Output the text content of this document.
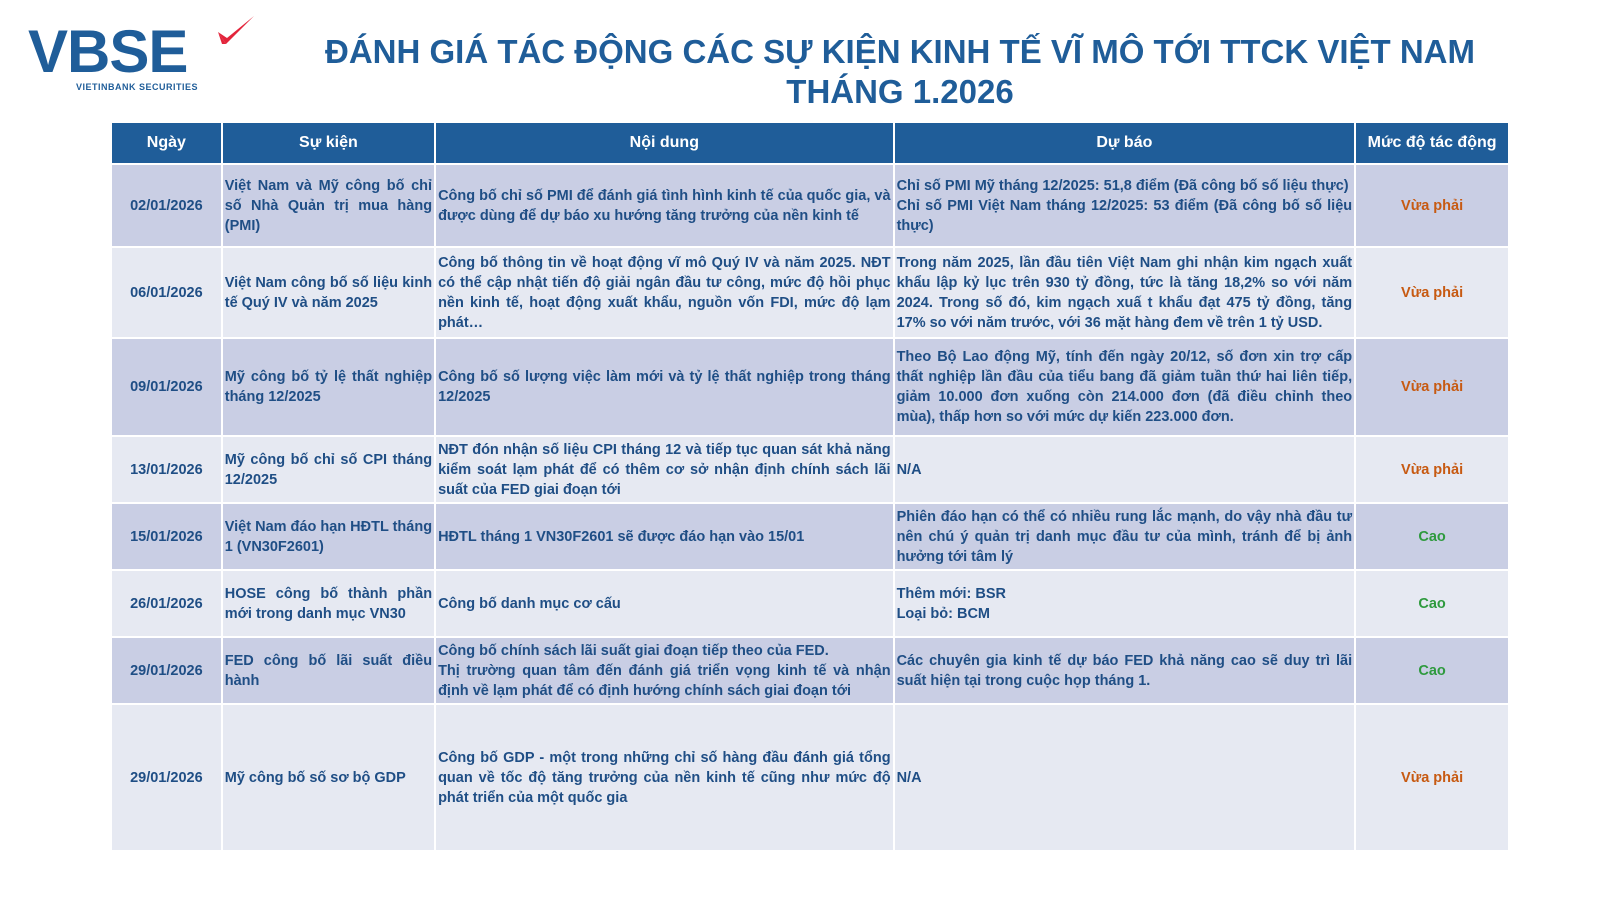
VBSE
VIETINBANK SECURITIES
ĐÁNH GIÁ TÁC ĐỘNG CÁC SỰ KIỆN KINH TẾ VĨ MÔ TỚI TTCK VIỆT NAM
THÁNG 1.2026
Ngày	Sự kiện	Nội dung	Dự báo	Mức độ tác động
02/01/2026	Việt Nam và Mỹ công bố chỉ số Nhà Quản trị mua hàng (PMI)	Công bố chỉ số PMI để đánh giá tình hình kinh tế của quốc gia, và được dùng để dự báo xu hướng tăng trưởng của nền kinh tế	Chỉ số PMI Mỹ tháng 12/2025: 51,8 điểm (Đã công bố số liệu thực)
Chỉ số PMI Việt Nam tháng 12/2025: 53 điểm (Đã công bố số liệu thực)	Vừa phải
06/01/2026	Việt Nam công bố số liệu kinh tế Quý IV và năm 2025	Công bố thông tin về hoạt động vĩ mô Quý IV và năm 2025. NĐT có thể cập nhật tiến độ giải ngân đầu tư công, mức độ hồi phục nền kinh tế, hoạt động xuất khẩu, nguồn vốn FDI, mức độ lạm phát…	Trong năm 2025, lần đầu tiên Việt Nam ghi nhận kim ngạch xuất khẩu lập kỷ lục trên 930 tỷ đồng, tức là tăng 18,2% so với năm 2024. Trong số đó, kim ngạch xuấ t khẩu đạt 475 tỷ đồng, tăng 17% so với năm trước, với 36 mặt hàng đem về trên 1 tỷ USD.	Vừa phải
09/01/2026	Mỹ công bố tỷ lệ thất nghiệp tháng 12/2025	Công bố số lượng việc làm mới và tỷ lệ thất nghiệp trong tháng 12/2025	Theo Bộ Lao động Mỹ, tính đến ngày 20/12, số đơn xin trợ cấp thất nghiệp lần đầu của tiểu bang đã giảm tuần thứ hai liên tiếp, giảm 10.000 đơn xuống còn 214.000 đơn (đã điều chỉnh theo mùa), thấp hơn so với mức dự kiến 223.000 đơn.	Vừa phải
13/01/2026	Mỹ công bố chỉ số CPI tháng 12/2025	NĐT đón nhận số liệu CPI tháng 12 và tiếp tục quan sát khả năng kiểm soát lạm phát để có thêm cơ sở nhận định chính sách lãi suất của FED giai đoạn tới	N/A	Vừa phải
15/01/2026	Việt Nam đáo hạn HĐTL tháng 1 (VN30F2601)	HĐTL tháng 1 VN30F2601 sẽ được đáo hạn vào 15/01	Phiên đáo hạn có thể có nhiều rung lắc mạnh, do vậy nhà đầu tư nên chú ý quản trị danh mục đầu tư của mình, tránh để bị ảnh hưởng tới tâm lý	Cao
26/01/2026	HOSE công bố thành phần mới trong danh mục VN30	Công bố danh mục cơ cấu	Thêm mới: BSR
Loại bỏ: BCM	Cao
29/01/2026	FED công bố lãi suất điều hành	Công bố chính sách lãi suất giai đoạn tiếp theo của FED.
Thị trường quan tâm đến đánh giá triển vọng kinh tế và nhận định về lạm phát để có định hướng chính sách giai đoạn tới	Các chuyên gia kinh tế dự báo FED khả năng cao sẽ duy trì lãi suất hiện tại trong cuộc họp tháng 1.	Cao
29/01/2026	Mỹ công bố số sơ bộ GDP	Công bố GDP - một trong những chỉ số hàng đầu đánh giá tổng quan về tốc độ tăng trưởng của nền kinh tế cũng như mức độ phát triển của một quốc gia	N/A	Vừa phải
